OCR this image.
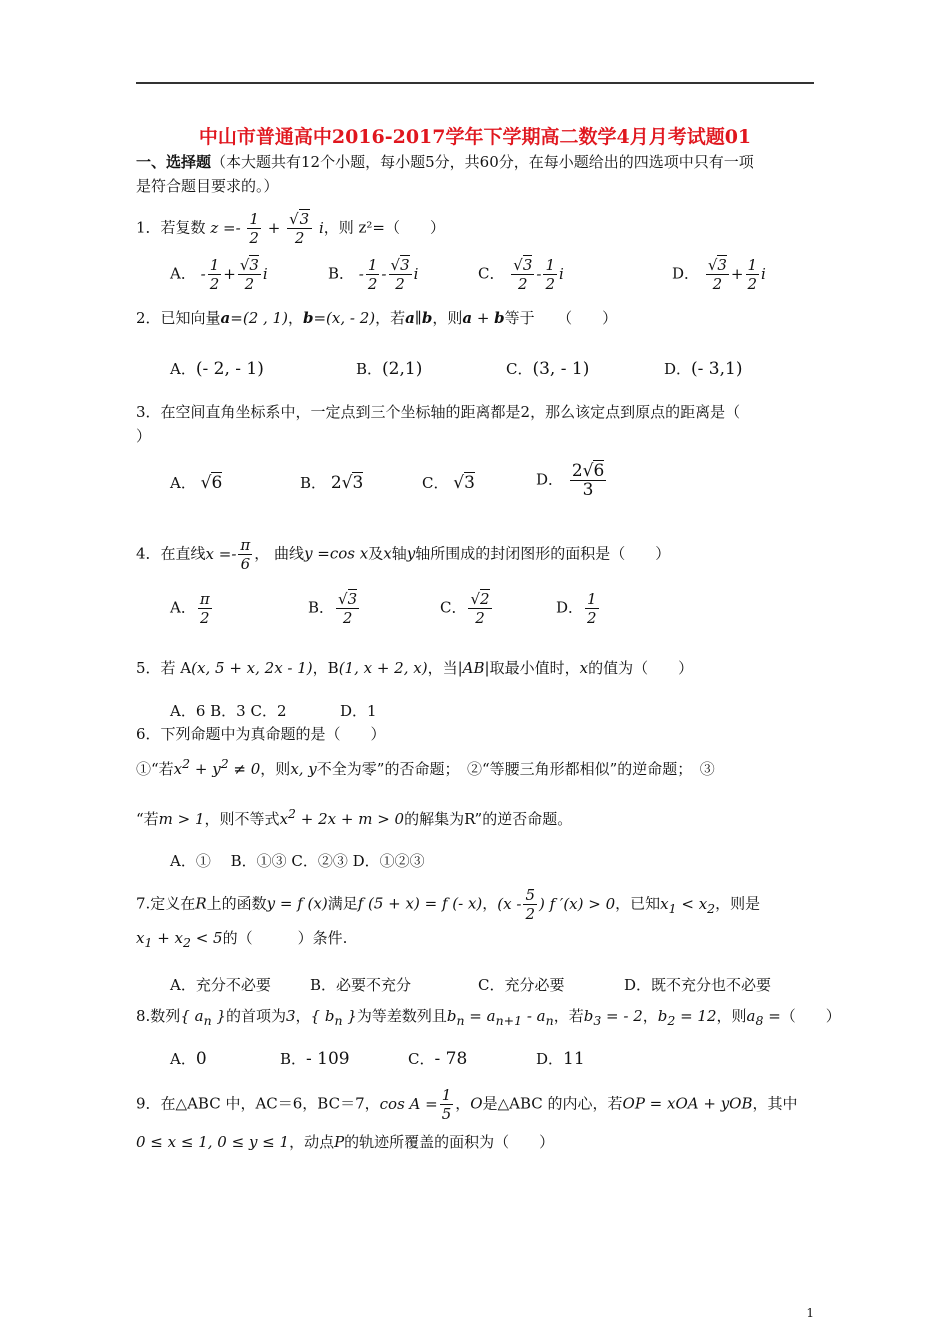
中山市普通高中2016-2017学年下学期高二数学4月月考试题01
一、选择题（本大题共有12个小题，每小题5分，共60分，在每小题给出的四选项中只有一项
是符合题目要求的。）
1．若复数 $z =- \frac{1}{2} + \frac{√3}{2}$ i，则 z²=（　　）
A． - $\frac{1}{2} + \frac{√3}{2}$ i	B． - $\frac{1}{2} - \frac{√3}{2}$ i	C． $\frac{√3}{2} - \frac{1}{2}$ i	D． $\frac{√3}{2} + \frac{1}{2}$ i
2．已知向量a=(2 , 1)，b=(x, - 2)，若a∥b，则a + b等于　　（　　）
A．(- 2, - 1)	B．(2,1)	C．(3, - 1)	D．(- 3,1)
3．在空间直角坐标系中，一定点到三个坐标轴的距离都是2，那么该定点到原点的距离是（
）
A． √6	B． 2√3	C． √3	D． $\frac{2√6}{3}$
4．在直线$x =- \frac{\pi}{6}$ ， 曲线y =cos x及x轴y轴所围成的封闭图形的面积是（　　）
A． $\frac{\pi}{2}$	B． $\frac{√3}{2}$	C． $\frac{√2}{2}$	D． $\frac{1}{2}$
5．若 A(x, 5 + x, 2x - 1)，B(1, x + 2, x)，当|AB|取最小值时，x的值为（　　）
A．6 B．3 C．2	D．1
6．下列命题中为真命题的是（　　）
①“若$x^2 + y^2 \ne 0$，则x, y不全为零”的否命题；　②“等腰三角形都相似”的逆命题；　③
“若m > 1，则不等式$x^2 + 2x + m > 0$的解集为R”的逆否命题。
A．①　 B．①③ C．②③ D．①②③
7.定义在R上的函数y = f (x)满足f (5 + x) = f (- x)，($x - \frac{5}{2}$ ) f ′(x) > 0，已知$x_1 < x_2$，则是
$x_1 + x_2 < 5$的（　　　）条件.
A．充分不必要	B．必要不充分	C．充分必要	D．既不充分也不必要
8.数列{ $a_n$ }的首项为3，{ $b_n$ }为等差数列且$b_n = a_{n+1} - a_n$，若$b_3$ = - 2，$b_2 = 12$，则$a_8$ =（　　）
A．0	B．- 109	C．- 78	D．11
9．在△ABC 中，AC＝6，BC＝7，$\cos A = \frac{1}{5}$ ，O是△ABC 的内心，若OP = xOA + yOB，其中
0 ≤ x ≤ 1, 0 ≤ y ≤ 1，动点P的轨迹所覆盖的面积为（　　）
1
